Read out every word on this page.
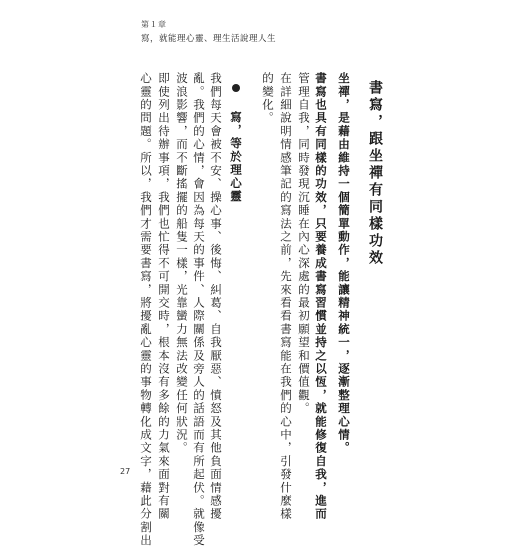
第１章
寫，就能理心靈、理生活說理人生
書寫，跟坐禪有同樣功效
坐禪，是藉由維持一個簡單動作，能讓精神統一，逐漸整理心情。
書寫也具有同樣的功效，只要養成書寫習慣並持之以恆，就能修復自我，進而
管理自我，同時發現沉睡在內心深處的最初願望和價值觀。
在詳細說明情感筆記的寫法之前，先來看看書寫能在我們的心中，引發什麼樣
的變化。
寫，等於理心靈
我們每天會被不安、操心事、後悔、糾葛、自我厭惡、憤怒及其他負面情感擾
亂。我們的心情，會因為每天的事件、人際關係及旁人的話語而有所起伏。就像受
波浪影響，而不斷搖擺的船隻一樣，光靠蠻力無法改變任何狀況。
即使列出待辦事項，我們也忙得不可開交時，根本沒有多餘的力氣來面對有關
心靈的問題。所以，我們才需要書寫，將擾亂心靈的事物轉化成文字，藉此分割出
27
